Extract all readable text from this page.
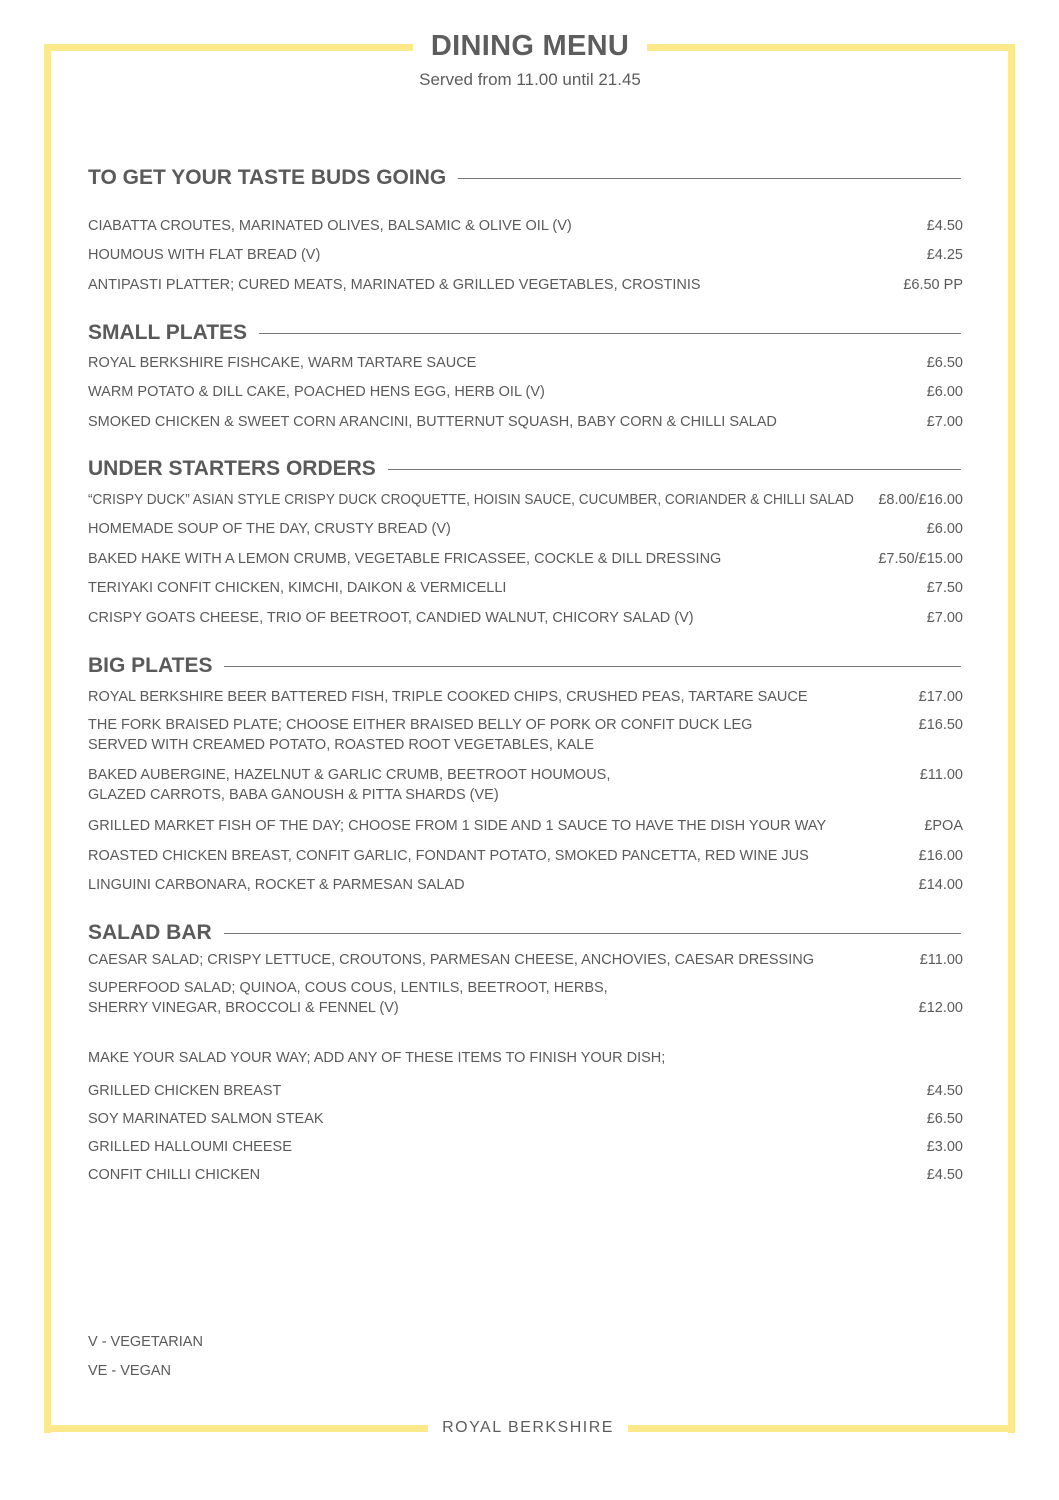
DINING MENU
Served from 11.00 until 21.45
TO GET YOUR TASTE BUDS GOING
CIABATTA CROUTES, MARINATED OLIVES, BALSAMIC & OLIVE OIL (V)	£4.50
HOUMOUS WITH FLAT BREAD (V)	£4.25
ANTIPASTI PLATTER; CURED MEATS, MARINATED & GRILLED VEGETABLES, CROSTINIS	£6.50 PP
SMALL PLATES
ROYAL BERKSHIRE FISHCAKE, WARM TARTARE SAUCE	£6.50
WARM POTATO & DILL CAKE, POACHED HENS EGG, HERB OIL (V)	£6.00
SMOKED CHICKEN & SWEET CORN ARANCINI, BUTTERNUT SQUASH, BABY CORN & CHILLI SALAD	£7.00
UNDER STARTERS ORDERS
“CRISPY DUCK” ASIAN STYLE CRISPY DUCK CROQUETTE, HOISIN SAUCE, CUCUMBER, CORIANDER & CHILLI SALAD £8.00/£16.00
HOMEMADE SOUP OF THE DAY, CRUSTY BREAD (V)	£6.00
BAKED HAKE WITH A LEMON CRUMB, VEGETABLE FRICASSEE, COCKLE & DILL DRESSING	£7.50/£15.00
TERIYAKI CONFIT CHICKEN, KIMCHI, DAIKON & VERMICELLI	£7.50
CRISPY GOATS CHEESE, TRIO OF BEETROOT, CANDIED WALNUT, CHICORY SALAD (V)	£7.00
BIG PLATES
ROYAL BERKSHIRE BEER BATTERED FISH, TRIPLE COOKED CHIPS, CRUSHED PEAS, TARTARE SAUCE	£17.00
THE FORK BRAISED PLATE; CHOOSE EITHER BRAISED BELLY OF PORK OR CONFIT DUCK LEG
SERVED WITH CREAMED POTATO, ROASTED ROOT VEGETABLES, KALE
£16.50
BAKED AUBERGINE, HAZELNUT & GARLIC CRUMB, BEETROOT HOUMOUS,
GLAZED CARROTS, BABA GANOUSH & PITTA SHARDS (VE)
£11.00
GRILLED MARKET FISH OF THE DAY; CHOOSE FROM 1 SIDE AND 1 SAUCE TO HAVE THE DISH YOUR WAY	£POA
ROASTED CHICKEN BREAST, CONFIT GARLIC, FONDANT POTATO, SMOKED PANCETTA, RED WINE JUS	£16.00
LINGUINI CARBONARA, ROCKET & PARMESAN SALAD	£14.00
SALAD BAR
CAESAR SALAD; CRISPY LETTUCE, CROUTONS, PARMESAN CHEESE, ANCHOVIES, CAESAR DRESSING	£11.00
SUPERFOOD SALAD; QUINOA, COUS COUS, LENTILS, BEETROOT, HERBS,
SHERRY VINEGAR, BROCCOLI & FENNEL (V)	£12.00
MAKE YOUR SALAD YOUR WAY; ADD ANY OF THESE ITEMS TO FINISH YOUR DISH;
GRILLED CHICKEN BREAST	£4.50
SOY MARINATED SALMON STEAK	£6.50
GRILLED HALLOUMI CHEESE	£3.00
CONFIT CHILLI CHICKEN	£4.50
V - VEGETARIAN
VE - VEGAN
ROYAL BERKSHIRE
